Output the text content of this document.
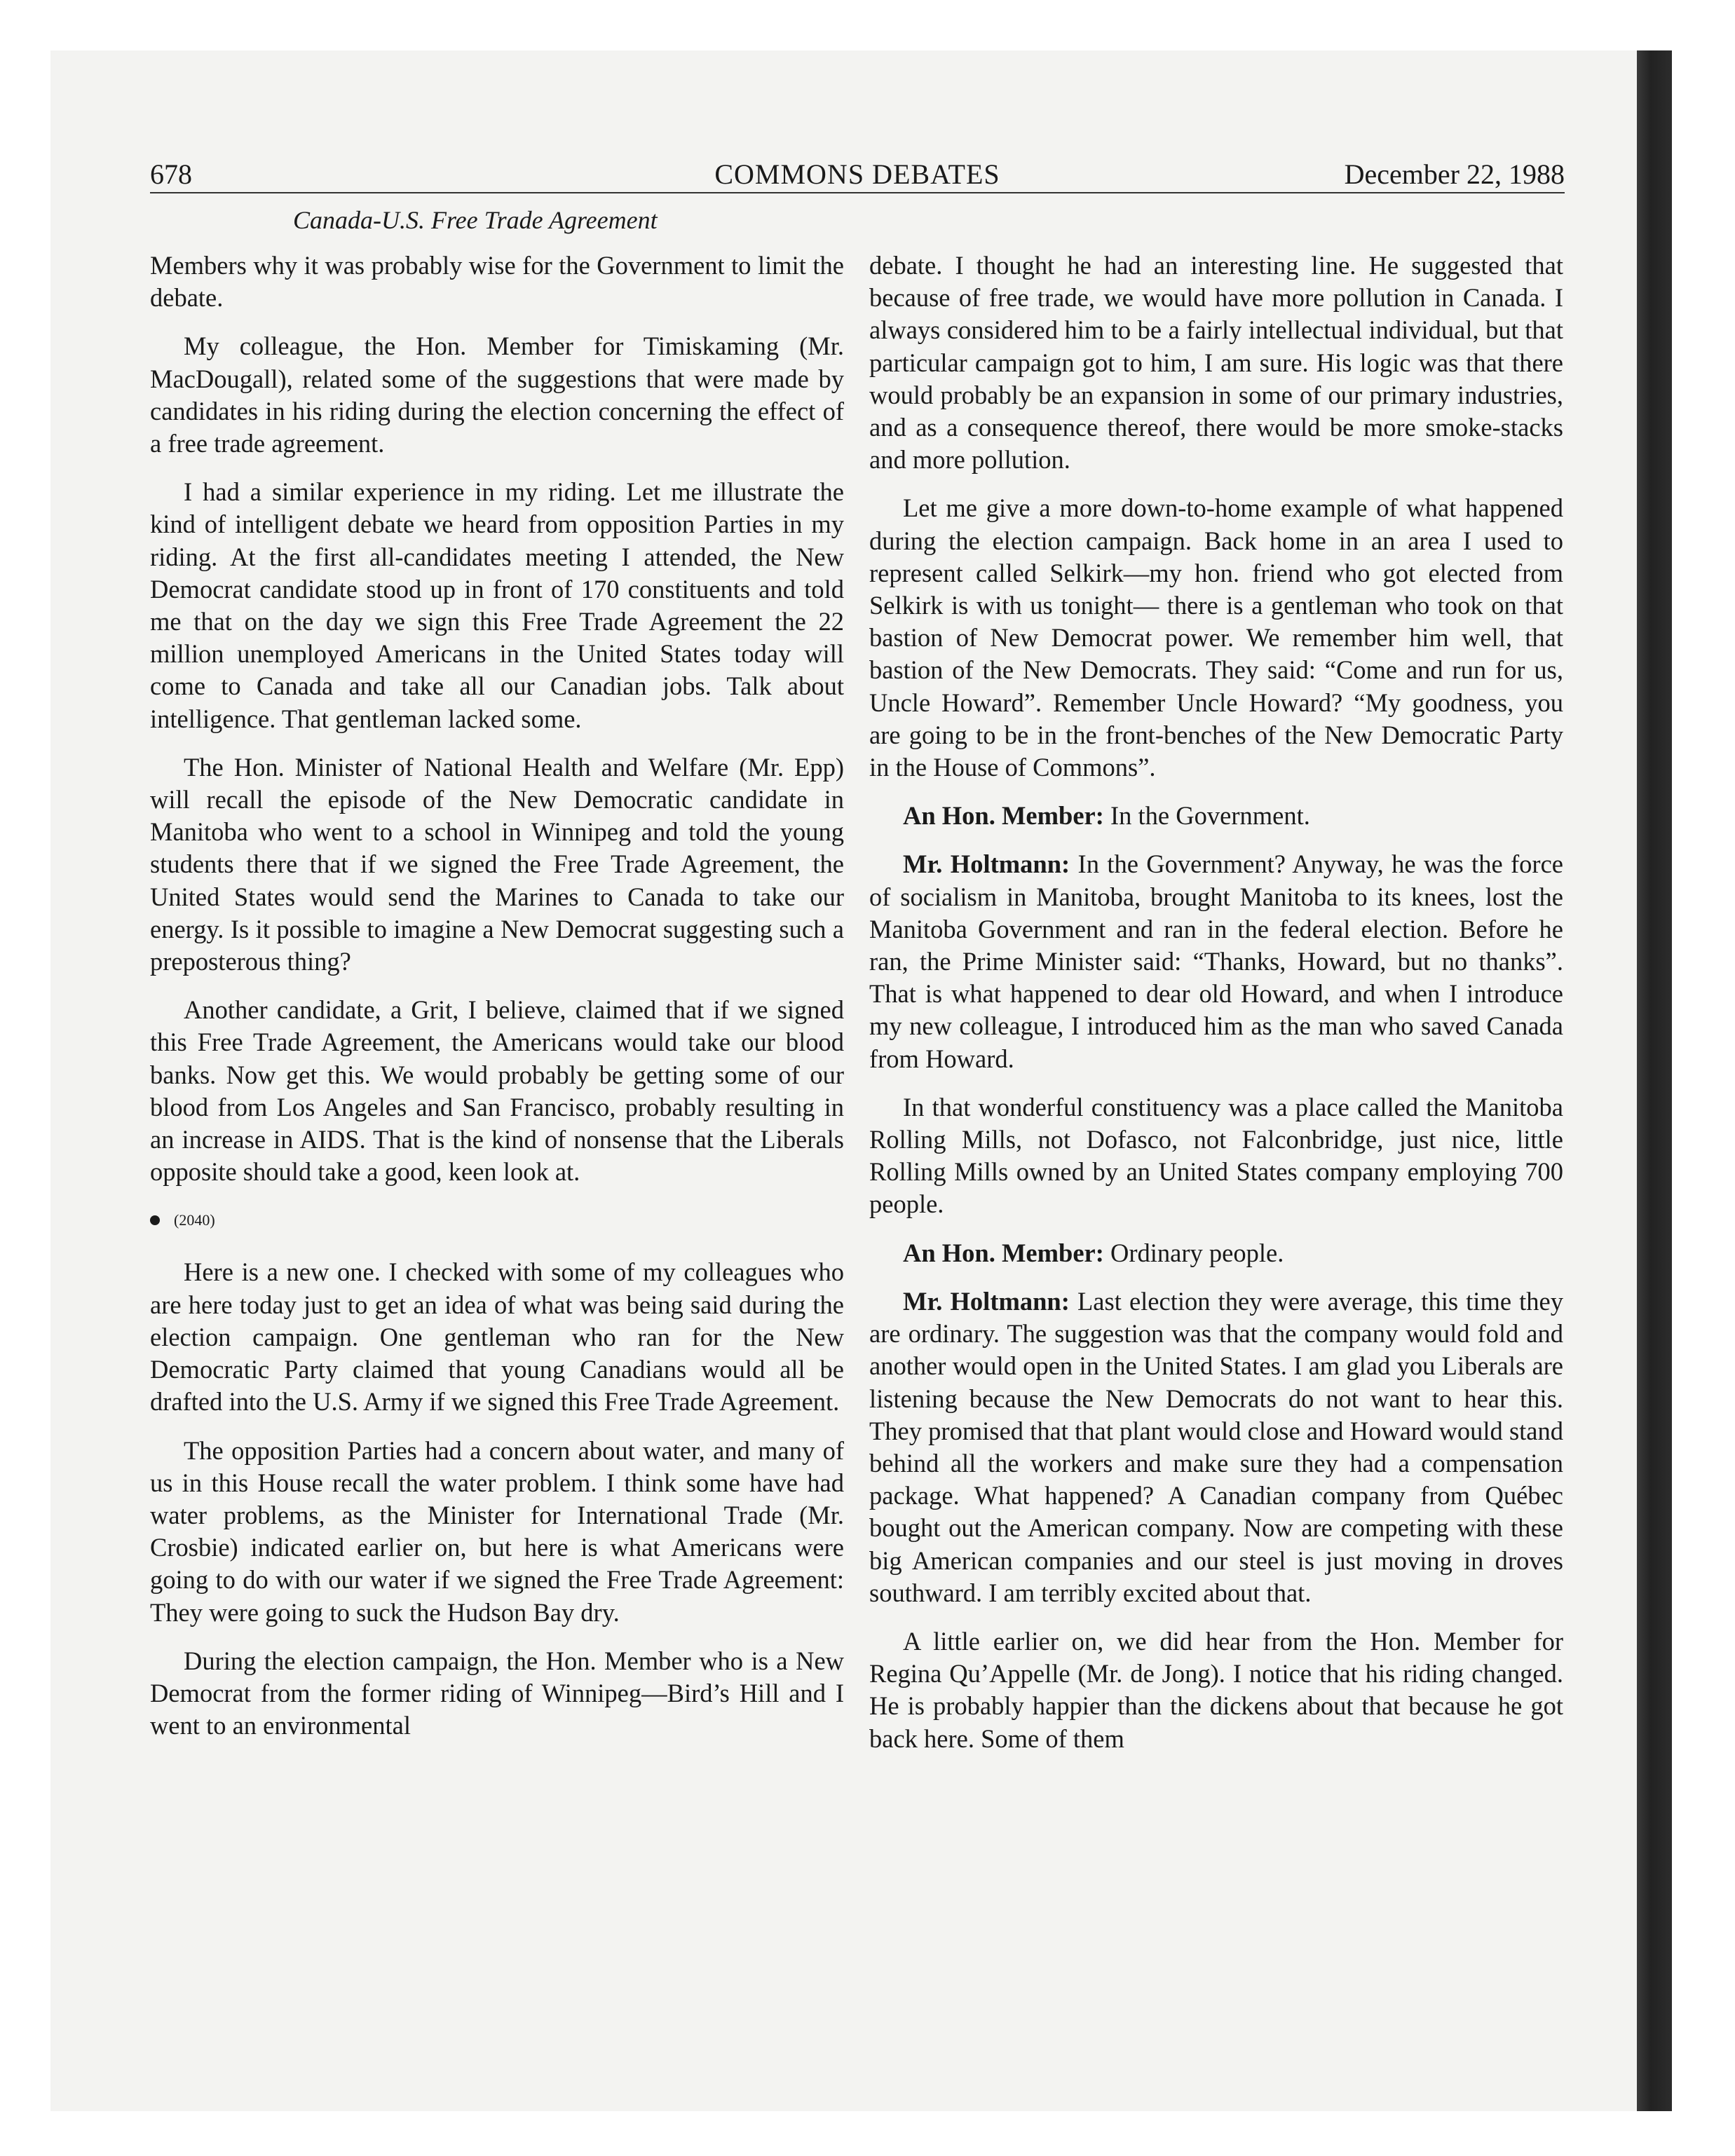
678	COMMONS DEBATES	December 22, 1988
Canada-U.S. Free Trade Agreement

Members why it was probably wise for the Government to limit the debate.

My colleague, the Hon. Member for Timiskaming (Mr. MacDougall), related some of the suggestions that were made by candidates in his riding during the election concerning the effect of a free trade agreement.

I had a similar experience in my riding. Let me illustrate the kind of intelligent debate we heard from opposition Parties in my riding. At the first all-candidates meeting I attended, the New Democrat candidate stood up in front of 170 constituents and told me that on the day we sign this Free Trade Agreement the 22 million unemployed Americans in the United States today will come to Canada and take all our Canadian jobs. Talk about intelligence. That gentleman lacked some.

The Hon. Minister of National Health and Welfare (Mr. Epp) will recall the episode of the New Democratic candidate in Manitoba who went to a school in Winnipeg and told the young students there that if we signed the Free Trade Agreement, the United States would send the Marines to Canada to take our energy. Is it possible to imagine a New Democrat suggesting such a preposterous thing?

Another candidate, a Grit, I believe, claimed that if we signed this Free Trade Agreement, the Americans would take our blood banks. Now get this. We would probably be getting some of our blood from Los Angeles and San Francisco, probably resulting in an increase in AIDS. That is the kind of nonsense that the Liberals opposite should take a good, keen look at.

(2040)

Here is a new one. I checked with some of my colleagues who are here today just to get an idea of what was being said during the election campaign. One gentleman who ran for the New Democratic Party claimed that young Canadians would all be drafted into the U.S. Army if we signed this Free Trade Agreement.

The opposition Parties had a concern about water, and many of us in this House recall the water problem. I think some have had water problems, as the Minister for International Trade (Mr. Crosbie) indicated earlier on, but here is what Americans were going to do with our water if we signed the Free Trade Agreement: They were going to suck the Hudson Bay dry.

During the election campaign, the Hon. Member who is a New Democrat from the former riding of Winnipeg—Bird’s Hill and I went to an environmental

debate. I thought he had an interesting line. He suggested that because of free trade, we would have more pollution in Canada. I always considered him to be a fairly intellectual individual, but that particular campaign got to him, I am sure. His logic was that there would probably be an expansion in some of our primary industries, and as a consequence thereof, there would be more smoke-stacks and more pollution.

Let me give a more down-to-home example of what happened during the election campaign. Back home in an area I used to represent called Selkirk—my hon. friend who got elected from Selkirk is with us tonight— there is a gentleman who took on that bastion of New Democrat power. We remember him well, that bastion of the New Democrats. They said: “Come and run for us, Uncle Howard”. Remember Uncle Howard? “My goodness, you are going to be in the front-benches of the New Democratic Party in the House of Commons”.

An Hon. Member: In the Government.

Mr. Holtmann: In the Government? Anyway, he was the force of socialism in Manitoba, brought Manitoba to its knees, lost the Manitoba Government and ran in the federal election. Before he ran, the Prime Minister said: “Thanks, Howard, but no thanks”. That is what happened to dear old Howard, and when I introduce my new colleague, I introduced him as the man who saved Canada from Howard.

In that wonderful constituency was a place called the Manitoba Rolling Mills, not Dofasco, not Falconbridge, just nice, little Rolling Mills owned by an United States company employing 700 people.

An Hon. Member: Ordinary people.

Mr. Holtmann: Last election they were average, this time they are ordinary. The suggestion was that the company would fold and another would open in the United States. I am glad you Liberals are listening because the New Democrats do not want to hear this. They promised that that plant would close and Howard would stand behind all the workers and make sure they had a compensation package. What happened? A Canadian company from Québec bought out the American company. Now are competing with these big American companies and our steel is just moving in droves southward. I am terribly excited about that.

A little earlier on, we did hear from the Hon. Member for Regina Qu’Appelle (Mr. de Jong). I notice that his riding changed. He is probably happier than the dickens about that because he got back here. Some of them
